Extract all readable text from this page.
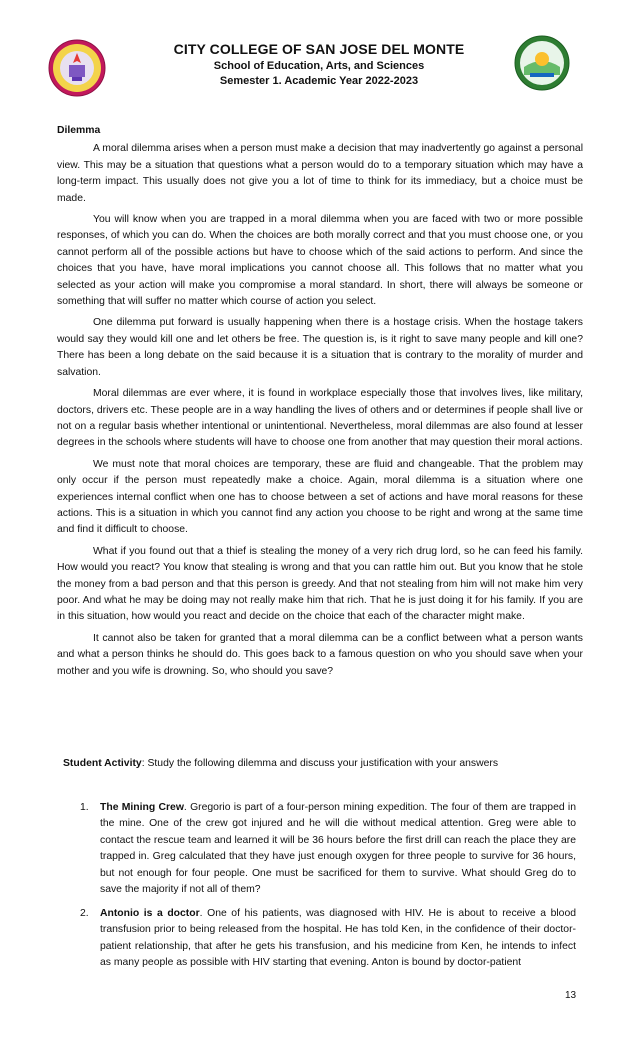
CITY COLLEGE OF SAN JOSE DEL MONTE
School of Education, Arts, and Sciences
Semester 1. Academic Year 2022-2023
Dilemma

A moral dilemma arises when a person must make a decision that may inadvertently go against a personal view. This may be a situation that questions what a person would do to a temporary situation which may have a long-term impact. This usually does not give you a lot of time to think for its immediacy, but a choice must be made.

You will know when you are trapped in a moral dilemma when you are faced with two or more possible responses, of which you can do. When the choices are both morally correct and that you must choose one, or you cannot perform all of the possible actions but have to choose which of the said actions to perform. And since the choices that you have, have moral implications you cannot choose all. This follows that no matter what you selected as your action will make you compromise a moral standard. In short, there will always be someone or something that will suffer no matter which course of action you select.

One dilemma put forward is usually happening when there is a hostage crisis. When the hostage takers would say they would kill one and let others be free. The question is, is it right to save many people and kill one? There has been a long debate on the said because it is a situation that is contrary to the morality of murder and salvation.

Moral dilemmas are ever where, it is found in workplace especially those that involves lives, like military, doctors, drivers etc. These people are in a way handling the lives of others and or determines if people shall live or not on a regular basis whether intentional or unintentional. Nevertheless, moral dilemmas are also found at lesser degrees in the schools where students will have to choose one from another that may question their moral actions.

We must note that moral choices are temporary, these are fluid and changeable. That the problem may only occur if the person must repeatedly make a choice. Again, moral dilemma is a situation where one experiences internal conflict when one has to choose between a set of actions and have moral reasons for these actions. This is a situation in which you cannot find any action you choose to be right and wrong at the same time and find it difficult to choose.

What if you found out that a thief is stealing the money of a very rich drug lord, so he can feed his family. How would you react? You know that stealing is wrong and that you can rattle him out. But you know that he stole the money from a bad person and that this person is greedy. And that not stealing from him will not make him very poor. And what he may be doing may not really make him that rich. That he is just doing it for his family. If you are in this situation, how would you react and decide on the choice that each of the character might make.

It cannot also be taken for granted that a moral dilemma can be a conflict between what a person wants and what a person thinks he should do. This goes back to a famous question on who you should save when your mother and you wife is drowning. So, who should you save?

Student Activity: Study the following dilemma and discuss your justification with your answers
1. The Mining Crew. Gregorio is part of a four-person mining expedition. The four of them are trapped in the mine. One of the crew got injured and he will die without medical attention. Greg were able to contact the rescue team and learned it will be 36 hours before the first drill can reach the place they are trapped in. Greg calculated that they have just enough oxygen for three people to survive for 36 hours, but not enough for four people. One must be sacrificed for them to survive. What should Greg do to save the majority if not all of them?
2. Antonio is a doctor. One of his patients, was diagnosed with HIV. He is about to receive a blood transfusion prior to being released from the hospital. He has told Ken, in the confidence of their doctor-patient relationship, that after he gets his transfusion, and his medicine from Ken, he intends to infect as many people as possible with HIV starting that evening. Anton is bound by doctor-patient
13
